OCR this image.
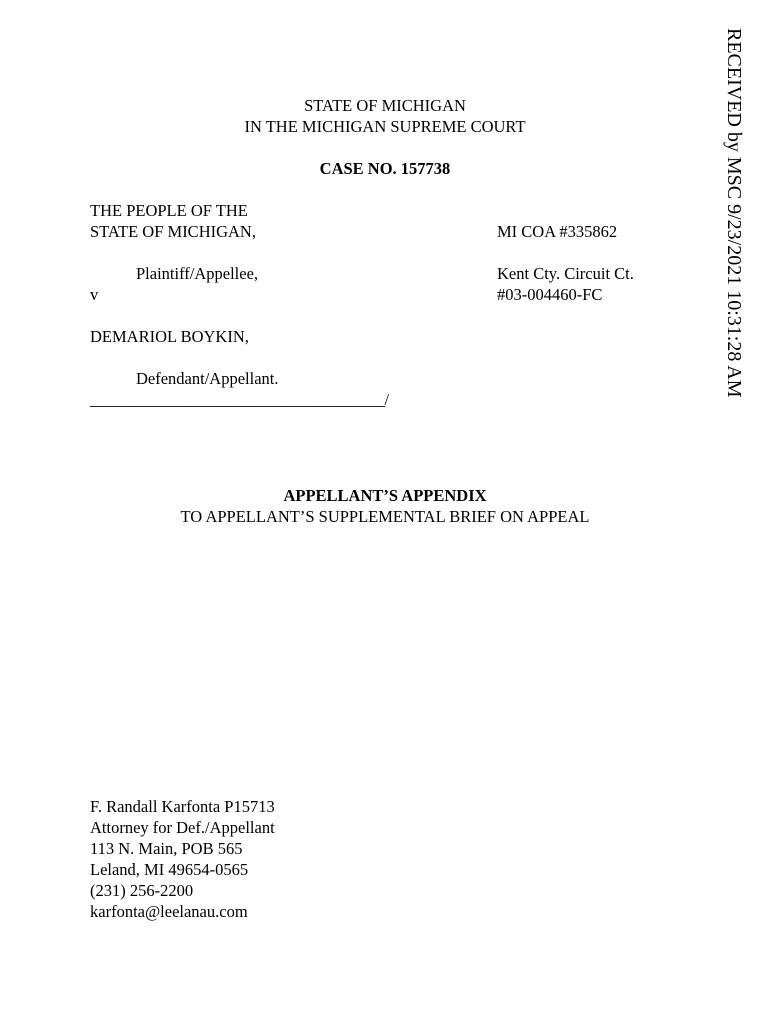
RECEIVED by MSC 9/23/2021 10:31:28 AM
STATE OF MICHIGAN
IN THE MICHIGAN SUPREME COURT
CASE NO. 157738
THE PEOPLE OF THE
STATE OF MICHIGAN,
Plaintiff/Appellee,
v
DEMARIOL BOYKIN,
Defendant/Appellant.
______________________________________/
MI COA #335862
Kent Cty. Circuit Ct.
#03-004460-FC
APPELLANT’S APPENDIX
TO APPELLANT’S SUPPLEMENTAL BRIEF ON APPEAL
F. Randall Karfonta P15713
Attorney for Def./Appellant
113 N. Main, POB 565
Leland, MI 49654-0565
(231) 256-2200
karfonta@leelanau.com
